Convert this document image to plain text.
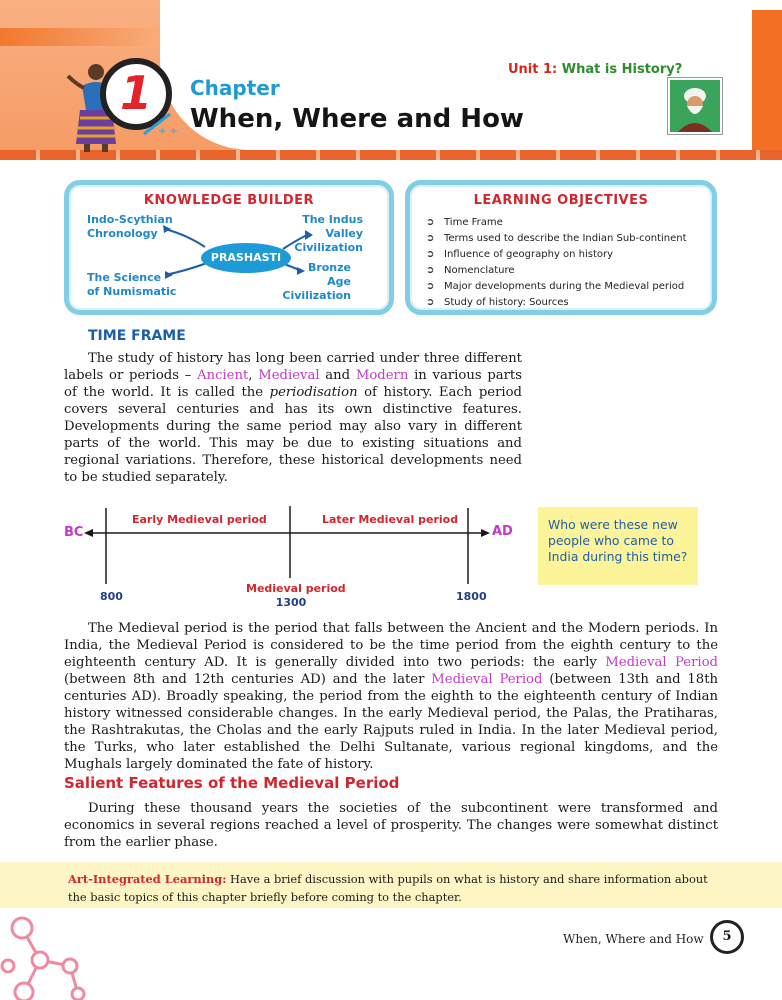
1
+ ÷
Chapter
When, Where and How
Unit 1: What is History?
KNOWLEDGE BUILDER
PRASHASTI
Indo-Scythian
Chronology
The Science
of Numismatic
The Indus
Valley
Civilization
Bronze
Age
Civilization
LEARNING OBJECTIVES
➲ Time Frame
➲ Terms used to describe the Indian Sub-continent
➲ Influence of geography on history
➲ Nomenclature
➲ Major developments during the Medieval period
➲ Study of history: Sources
TIME FRAME

The study of history has long been carried under three different labels or periods – Ancient, Medieval and Modern in various parts of the world. It is called the periodisation of history. Each period covers several centuries and has its own distinctive features. Developments during the same period may also vary in different parts of the world. This may be due to existing situations and regional variations. Therefore, these historical developments need to be studied separately.

BC	AD
Early Medieval period	Later Medieval period
800
Medieval period
1300	1800
Who were these new people who came to India during this time?

The Medieval period is the period that falls between the Ancient and the Modern periods. In India, the Medieval Period is considered to be the time period from the eighth century to the eighteenth century AD. It is generally divided into two periods: the early Medieval Period (between 8th and 12th centuries AD) and the later Medieval Period (between 13th and 18th centuries AD). Broadly speaking, the period from the eighth to the eighteenth century of Indian history witnessed considerable changes. In the early Medieval period, the Palas, the Pratiharas, the Rashtrakutas, the Cholas and the early Rajputs ruled in India. In the later Medieval period, the Turks, who later established the Delhi Sultanate, various regional kingdoms, and the Mughals largely dominated the fate of history.

Salient Features of the Medieval Period

During these thousand years the societies of the subcontinent were transformed and economics in several regions reached a level of prosperity. The changes were somewhat distinct from the earlier phase.

Art-Integrated Learning: Have a brief discussion with pupils on what is history and share information about the basic topics of this chapter briefly before coming to the chapter.
When, Where and How	5
